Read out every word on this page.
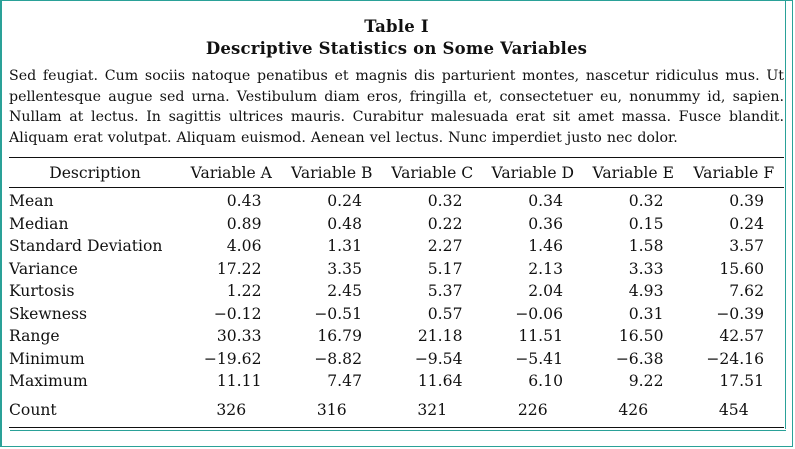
Table I
Descriptive Statistics on Some Variables
Sed feugiat. Cum sociis natoque penatibus et magnis dis parturient montes, nascetur ridiculus mus. Ut
pellentesque augue sed urna. Vestibulum diam eros, fringilla et, consectetuer eu, nonummy id, sapien.
Nullam at lectus. In sagittis ultrices mauris. Curabitur malesuada erat sit amet massa. Fusce blandit.
Aliquam erat volutpat. Aliquam euismod. Aenean vel lectus. Nunc imperdiet justo nec dolor.
Description	Variable A	Variable B	Variable C	Variable D	Variable E	Variable F
Mean	0.43	0.24	0.32	0.34	0.32	0.39
Median	0.89	0.48	0.22	0.36	0.15	0.24
Standard Deviation	4.06	1.31	2.27	1.46	1.58	3.57
Variance	17.22	3.35	5.17	2.13	3.33	15.60
Kurtosis	1.22	2.45	5.37	2.04	4.93	7.62
Skewness	−0.12	−0.51	0.57	−0.06	0.31	−0.39
Range	30.33	16.79	21.18	11.51	16.50	42.57
Minimum	−19.62	−8.82	−9.54	−5.41	−6.38	−24.16
Maximum	11.11	7.47	11.64	6.10	9.22	17.51
Count	326	316	321	226	426	454
